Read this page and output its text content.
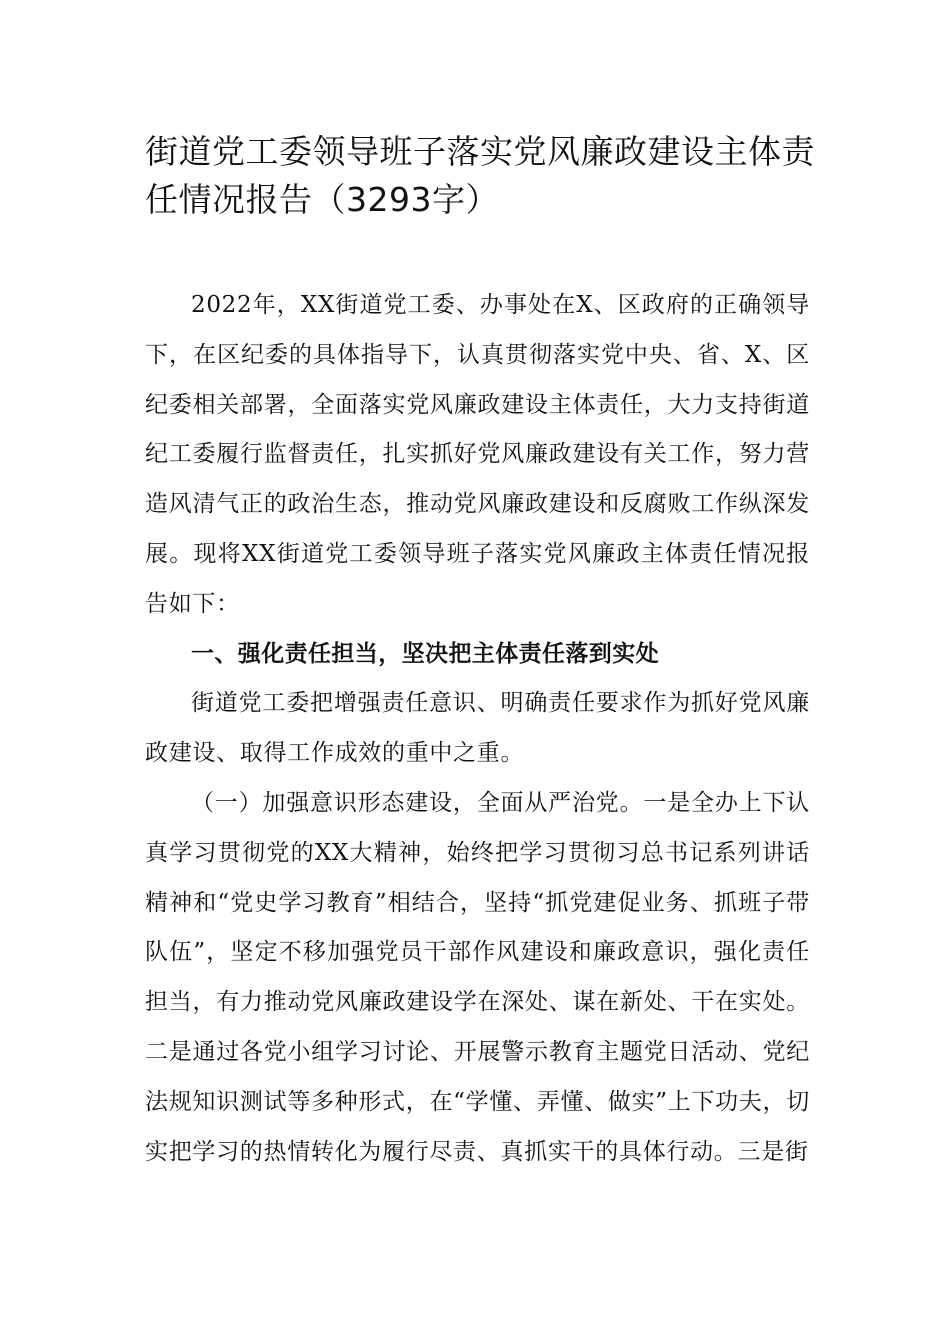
街道党工委领导班子落实党风廉政建设主体责任情况报告（3293字）

2022年，XX街道党工委、办事处在X、区政府的正确领导下，在区纪委的具体指导下，认真贯彻落实党中央、省、X、区纪委相关部署，全面落实党风廉政建设主体责任，大力支持街道纪工委履行监督责任，扎实抓好党风廉政建设有关工作，努力营造风清气正的政治生态，推动党风廉政建设和反腐败工作纵深发展。现将XX街道党工委领导班子落实党风廉政主体责任情况报告如下：

一、强化责任担当，坚决把主体责任落到实处

街道党工委把增强责任意识、明确责任要求作为抓好党风廉政建设、取得工作成效的重中之重。

（一）加强意识形态建设，全面从严治党。一是全办上下认真学习贯彻党的XX大精神，始终把学习贯彻习总书记系列讲话精神和“党史学习教育”相结合，坚持“抓党建促业务、抓班子带队伍”，坚定不移加强党员干部作风建设和廉政意识，强化责任担当，有力推动党风廉政建设学在深处、谋在新处、干在实处。二是通过各党小组学习讨论、开展警示教育主题党日活动、党纪法规知识测试等多种形式，在“学懂、弄懂、做实”上下功夫，切实把学习的热情转化为履行尽责、真抓实干的具体行动。三是街
